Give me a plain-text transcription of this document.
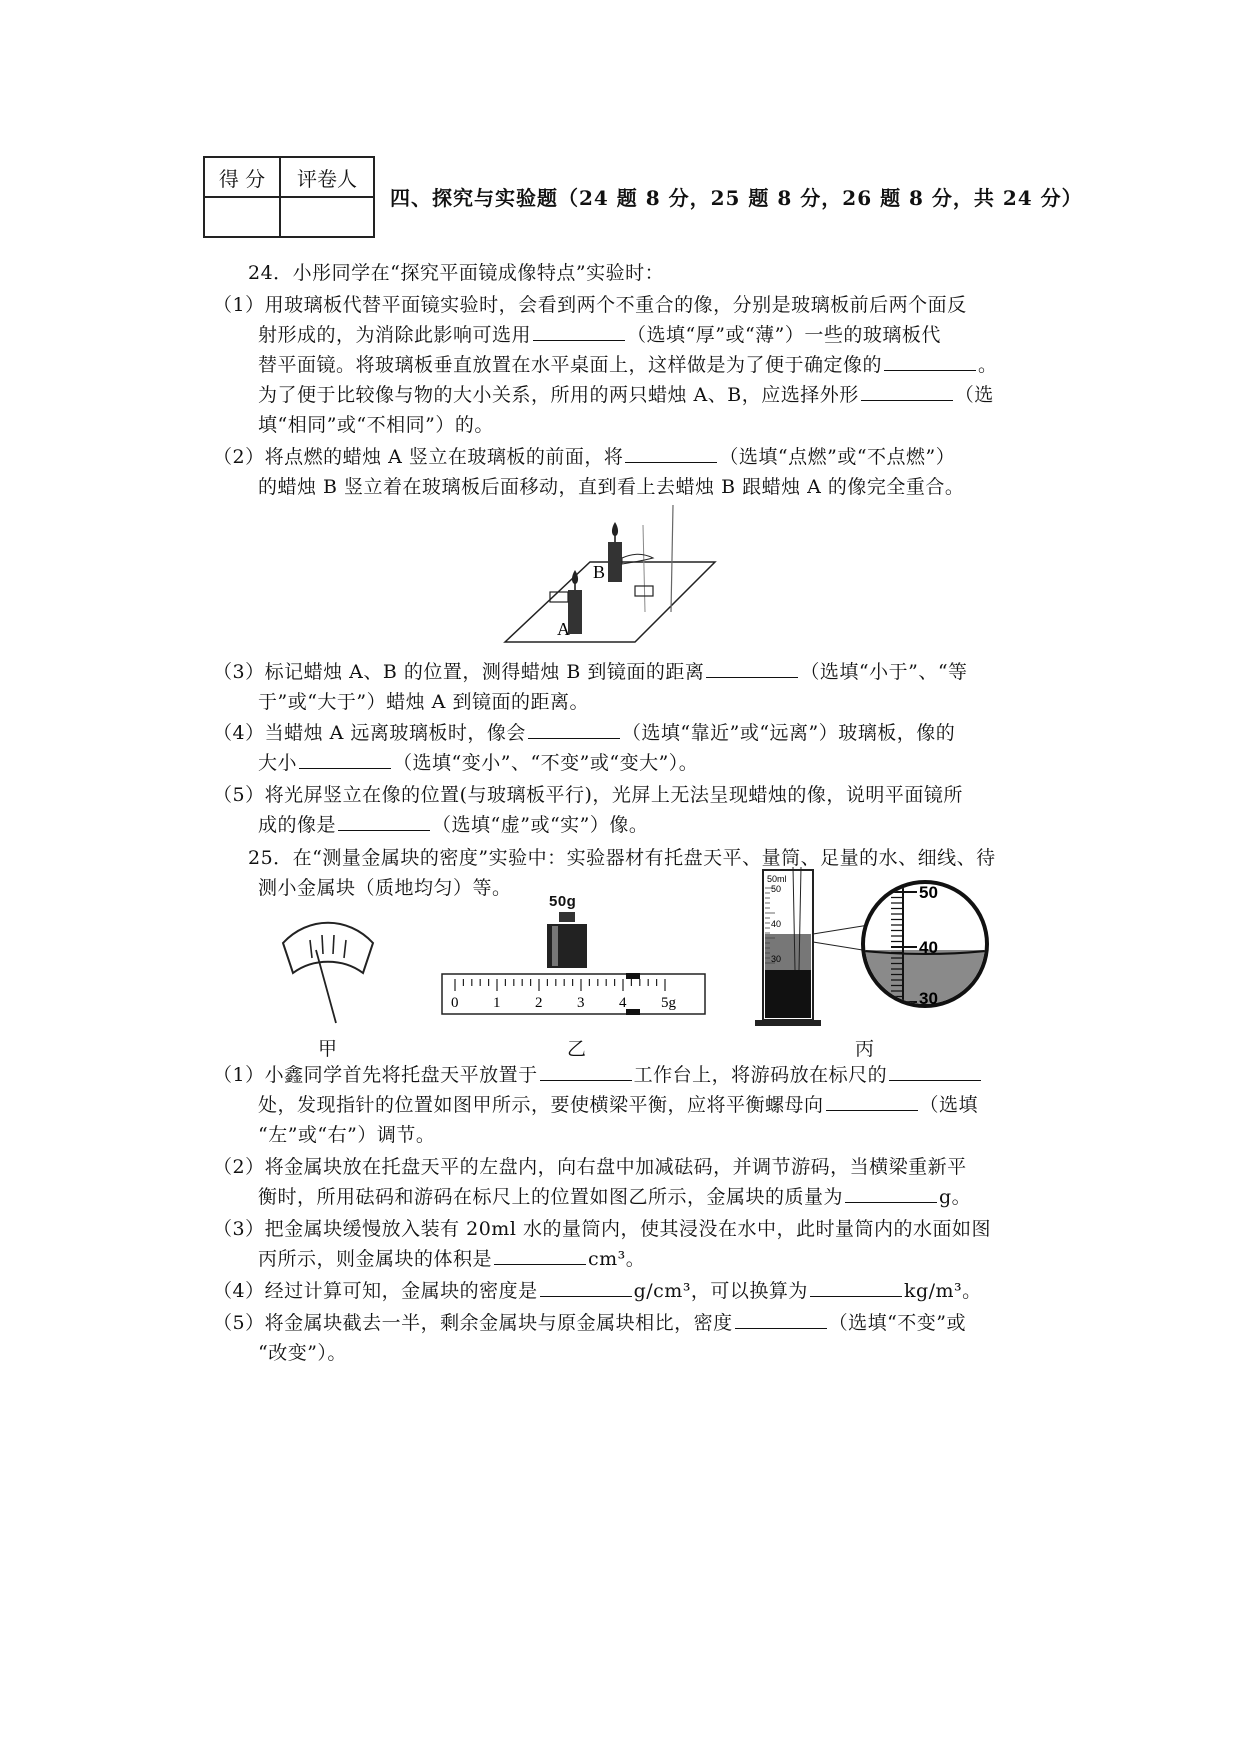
得 分	评卷人

四、探究与实验题（24 题 8 分，25 题 8 分，26 题 8 分，共 24 分）
24．小彤同学在“探究平面镜成像特点”实验时：
（1）用玻璃板代替平面镜实验时，会看到两个不重合的像，分别是玻璃板前后两个面反
射形成的，为消除此影响可选用	（选填“厚”或“薄”）一些的玻璃板代
替平面镜。将玻璃板垂直放置在水平桌面上，这样做是为了便于确定像的	。
为了便于比较像与物的大小关系，所用的两只蜡烛 A、B，应选择外形	（选
填“相同”或“不相同”）的。
（2）将点燃的蜡烛 A 竖立在玻璃板的前面，将	（选填“点燃”或“不点燃”）
的蜡烛 B 竖立着在玻璃板后面移动，直到看上去蜡烛 B 跟蜡烛 A 的像完全重合。
A
B
（3）标记蜡烛 A、B 的位置，测得蜡烛 B 到镜面的距离	（选填“小于”、“等
于”或“大于”）蜡烛 A 到镜面的距离。
（4）当蜡烛 A 远离玻璃板时，像会	（选填“靠近”或“远离”）玻璃板，像的
大小	（选填“变小”、“不变”或“变大”）。
（5）将光屏竖立在像的位置(与玻璃板平行)，光屏上无法呈现蜡烛的像，说明平面镜所
成的像是	（选填“虚”或“实”）像。
25．在“测量金属块的密度”实验中：实验器材有托盘天平、量筒、足量的水、细线、待
测小金属块（质地均匀）等。
50g
0 1 2 3 4 5g
50ml
50
40
30
50
40
30
甲	乙	丙
（1）小鑫同学首先将托盘天平放置于	工作台上，将游码放在标尺的
处，发现指针的位置如图甲所示，要使横梁平衡，应将平衡螺母向	（选填
“左”或“右”）调节。
（2）将金属块放在托盘天平的左盘内，向右盘中加减砝码，并调节游码，当横梁重新平
衡时，所用砝码和游码在标尺上的位置如图乙所示，金属块的质量为	g。
（3）把金属块缓慢放入装有 20ml 水的量筒内，使其浸没在水中，此时量筒内的水面如图
丙所示，则金属块的体积是	cm³。
（4）经过计算可知，金属块的密度是	g/cm³，可以换算为	kg/m³。
（5）将金属块截去一半，剩余金属块与原金属块相比，密度	（选填“不变”或
“改变”）。
